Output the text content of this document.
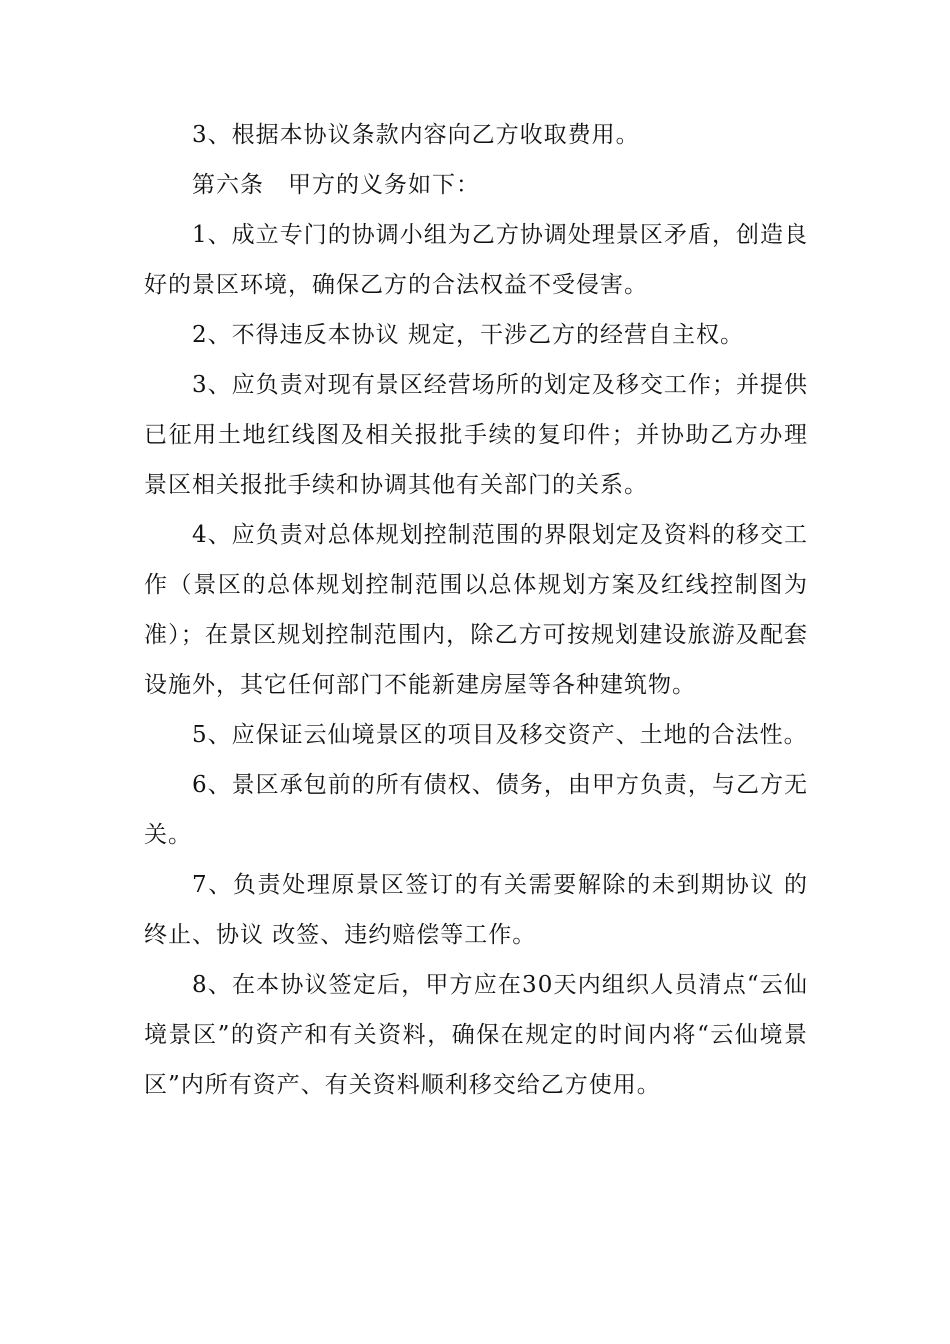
3、根据本协议条款内容向乙方收取费用。

第六条　甲方的义务如下：

1、成立专门的协调小组为乙方协调处理景区矛盾，创造良好的景区环境，确保乙方的合法权益不受侵害。

2、不得违反本协议 规定，干涉乙方的经营自主权。

3、应负责对现有景区经营场所的划定及移交工作；并提供已征用土地红线图及相关报批手续的复印件；并协助乙方办理景区相关报批手续和协调其他有关部门的关系。

4、应负责对总体规划控制范围的界限划定及资料的移交工作（景区的总体规划控制范围以总体规划方案及红线控制图为准）；在景区规划控制范围内，除乙方可按规划建设旅游及配套设施外，其它任何部门不能新建房屋等各种建筑物。

5、应保证云仙境景区的项目及移交资产、土地的合法性。

6、景区承包前的所有债权、债务，由甲方负责，与乙方无关。

7、负责处理原景区签订的有关需要解除的未到期协议 的终止、协议 改签、违约赔偿等工作。

8、在本协议签定后，甲方应在30天内组织人员清点“云仙境景区”的资产和有关资料，确保在规定的时间内将“云仙境景区”内所有资产、有关资料顺利移交给乙方使用。
